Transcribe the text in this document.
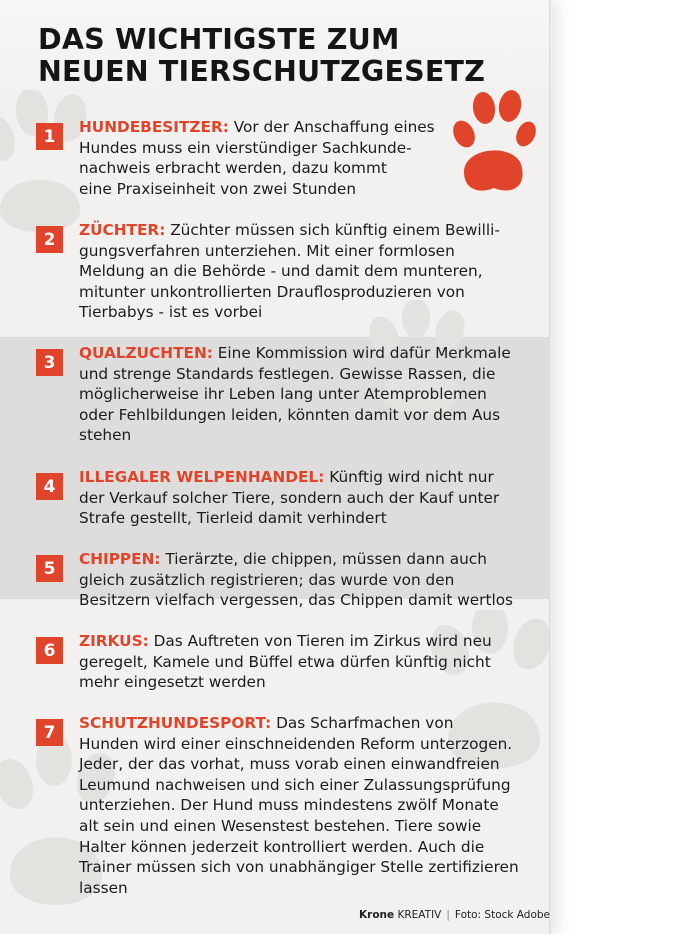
DAS WICHTIGSTE ZUM
NEUEN TIERSCHUTZGESETZ
1	HUNDEBESITZER: Vor der Anschaffung eines
Hundes muss ein vierstündiger Sachkunde-
nachweis erbracht werden, dazu kommt
eine Praxiseinheit von zwei Stunden

2	ZÜCHTER: Züchter müssen sich künftig einem Bewilli-
gungsverfahren unterziehen. Mit einer formlosen
Meldung an die Behörde - und damit dem munteren,
mitunter unkontrollierten Drauflosproduzieren von
Tierbabys - ist es vorbei

3	QUALZUCHTEN: Eine Kommission wird dafür Merkmale
und strenge Standards festlegen. Gewisse Rassen, die
möglicherweise ihr Leben lang unter Atemproblemen
oder Fehlbildungen leiden, könnten damit vor dem Aus
stehen

4	ILLEGALER WELPENHANDEL: Künftig wird nicht nur
der Verkauf solcher Tiere, sondern auch der Kauf unter
Strafe gestellt, Tierleid damit verhindert

5	CHIPPEN: Tierärzte, die chippen, müssen dann auch
gleich zusätzlich registrieren; das wurde von den
Besitzern vielfach vergessen, das Chippen damit wertlos

6	ZIRKUS: Das Auftreten von Tieren im Zirkus wird neu
geregelt, Kamele und Büffel etwa dürfen künftig nicht
mehr eingesetzt werden

7	SCHUTZHUNDESPORT: Das Scharfmachen von
Hunden wird einer einschneidenden Reform unterzogen.
Jeder, der das vorhat, muss vorab einen einwandfreien
Leumund nachweisen und sich einer Zulassungsprüfung
unterziehen. Der Hund muss mindestens zwölf Monate
alt sein und einen Wesenstest bestehen. Tiere sowie
Halter können jederzeit kontrolliert werden. Auch die
Trainer müssen sich von unabhängiger Stelle zertifizieren
lassen

Krone KREATIV | Foto: Stock Adobe
